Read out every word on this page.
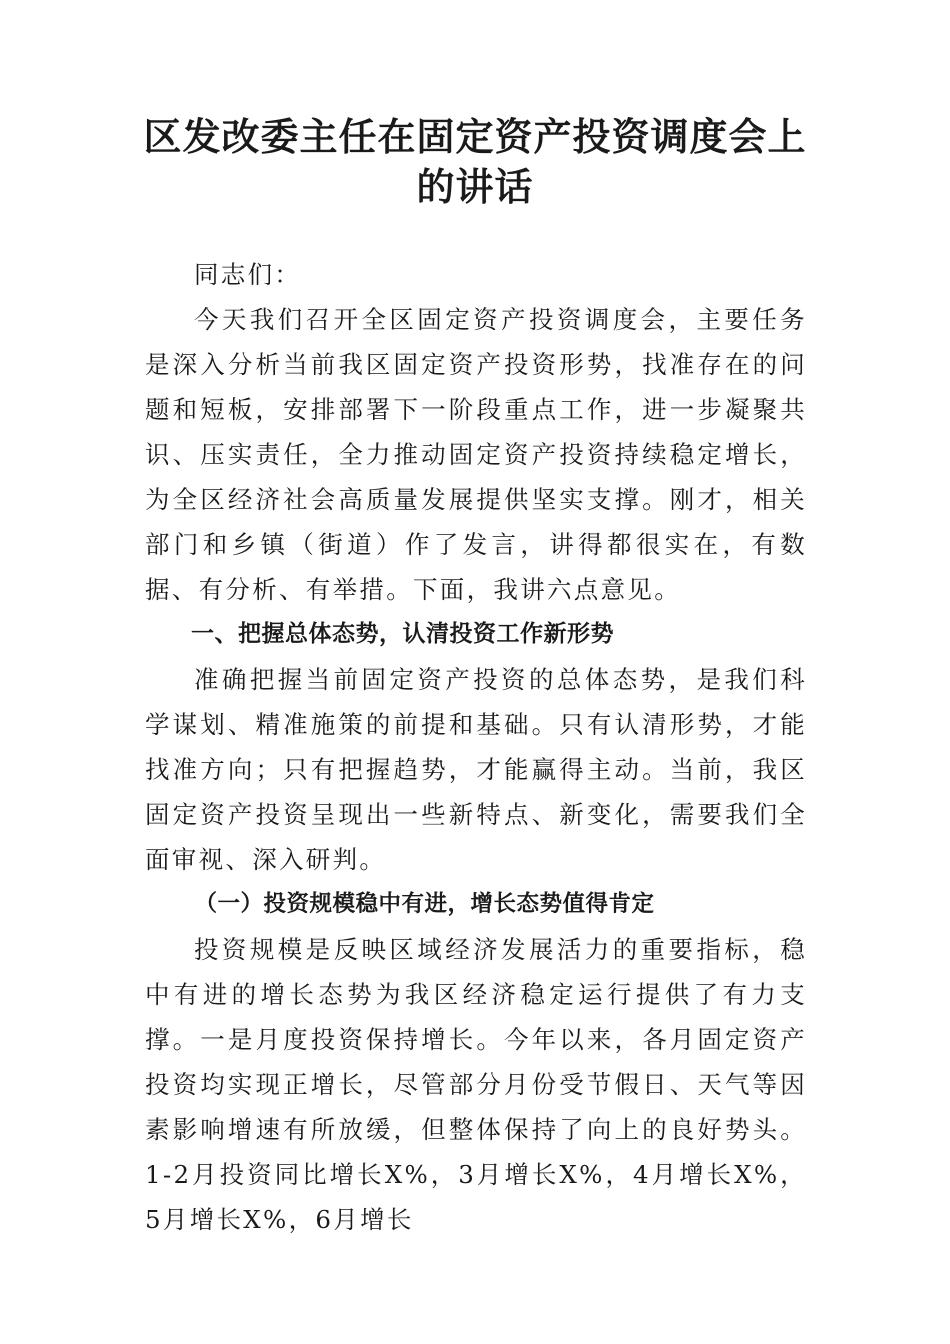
区发改委主任在固定资产投资调度会上的讲话

同志们：

今天我们召开全区固定资产投资调度会，主要任务是深入分析当前我区固定资产投资形势，找准存在的问题和短板，安排部署下一阶段重点工作，进一步凝聚共识、压实责任，全力推动固定资产投资持续稳定增长，为全区经济社会高质量发展提供坚实支撑。刚才，相关部门和乡镇（街道）作了发言，讲得都很实在，有数据、有分析、有举措。下面，我讲六点意见。

一、把握总体态势，认清投资工作新形势

准确把握当前固定资产投资的总体态势，是我们科学谋划、精准施策的前提和基础。只有认清形势，才能找准方向；只有把握趋势，才能赢得主动。当前，我区固定资产投资呈现出一些新特点、新变化，需要我们全面审视、深入研判。

（一）投资规模稳中有进，增长态势值得肯定

投资规模是反映区域经济发展活力的重要指标，稳中有进的增长态势为我区经济稳定运行提供了有力支撑。一是月度投资保持增长。今年以来，各月固定资产投资均实现正增长，尽管部分月份受节假日、天气等因素影响增速有所放缓，但整体保持了向上的良好势头。1-2月投资同比增长X%，3月增长X%，4月增长X%，5月增长X%，6月增长
